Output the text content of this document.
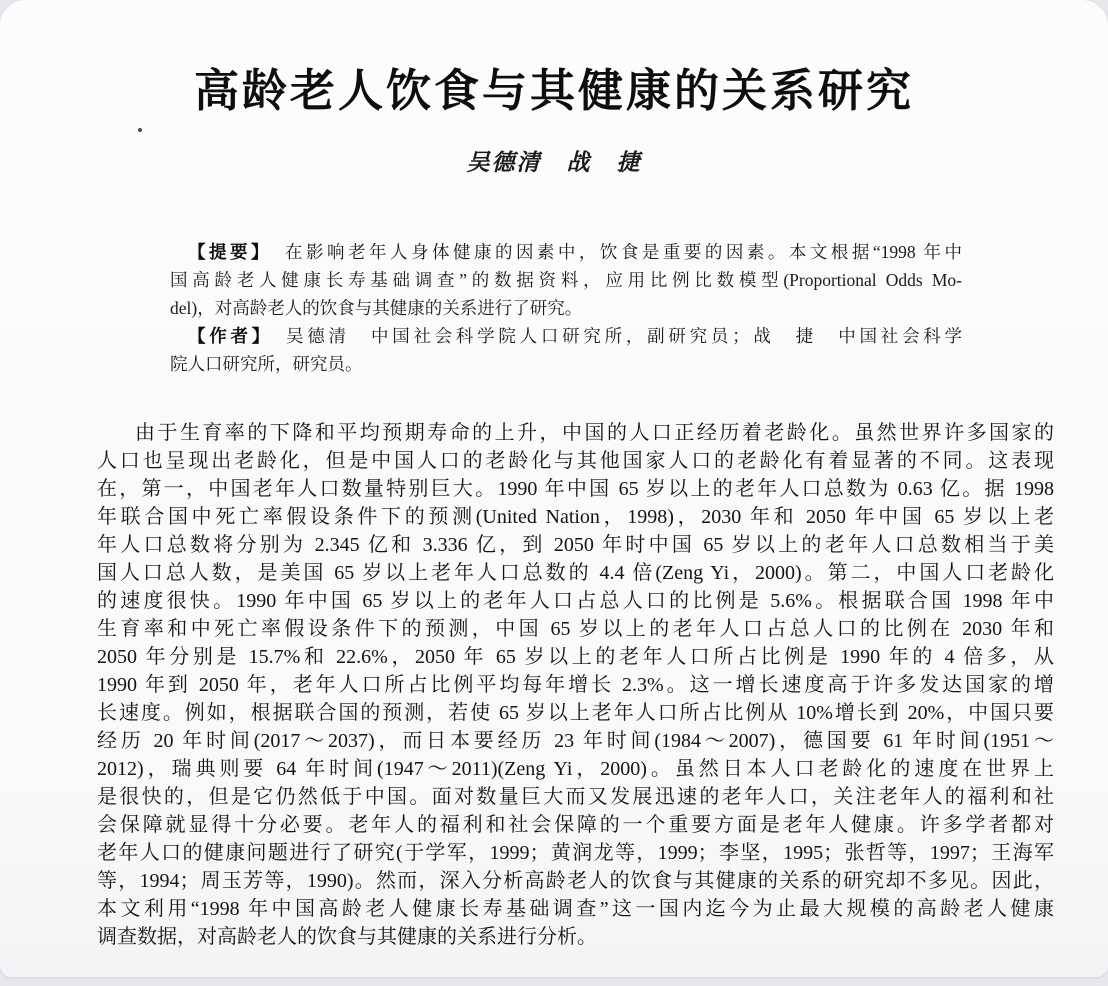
高龄老人饮食与其健康的关系研究
吴德清　战　捷
【提要】 在影响老年人身体健康的因素中，饮食是重要的因素。本文根据“1998 年中
国高龄老人健康长寿基础调查”的数据资料，应用比例比数模型(Proportional Odds Mo-
del)，对高龄老人的饮食与其健康的关系进行了研究。
【作者】 吴德清　中国社会科学院人口研究所，副研究员；战　捷　中国社会科学
院人口研究所，研究员。
由于生育率的下降和平均预期寿命的上升，中国的人口正经历着老龄化。虽然世界许多国家的
人口也呈现出老龄化，但是中国人口的老龄化与其他国家人口的老龄化有着显著的不同。这表现
在，第一，中国老年人口数量特别巨大。1990 年中国 65 岁以上的老年人口总数为 0.63 亿。据 1998
年联合国中死亡率假设条件下的预测(United Nation，1998)，2030 年和 2050 年中国 65 岁以上老
年人口总数将分别为 2.345 亿和 3.336 亿，到 2050 年时中国 65 岁以上的老年人口总数相当于美
国人口总人数，是美国 65 岁以上老年人口总数的 4.4 倍(Zeng Yi，2000)。第二，中国人口老龄化
的速度很快。1990 年中国 65 岁以上的老年人口占总人口的比例是 5.6%。根据联合国 1998 年中
生育率和中死亡率假设条件下的预测，中国 65 岁以上的老年人口占总人口的比例在 2030 年和
2050 年分别是 15.7%和 22.6%，2050 年 65 岁以上的老年人口所占比例是 1990 年的 4 倍多，从
1990 年到 2050 年，老年人口所占比例平均每年增长 2.3%。这一增长速度高于许多发达国家的增
长速度。例如，根据联合国的预测，若使 65 岁以上老年人口所占比例从 10%增长到 20%，中国只要
经历 20 年时间(2017～2037)，而日本要经历 23 年时间(1984～2007)，德国要 61 年时间(1951～
2012)，瑞典则要 64 年时间(1947～2011)(Zeng Yi，2000)。虽然日本人口老龄化的速度在世界上
是很快的，但是它仍然低于中国。面对数量巨大而又发展迅速的老年人口，关注老年人的福利和社
会保障就显得十分必要。老年人的福利和社会保障的一个重要方面是老年人健康。许多学者都对
老年人口的健康问题进行了研究(于学军，1999；黄润龙等，1999；李坚，1995；张哲等，1997；王海军
等，1994；周玉芳等，1990)。然而，深入分析高龄老人的饮食与其健康的关系的研究却不多见。因此，
本文利用“1998 年中国高龄老人健康长寿基础调查”这一国内迄今为止最大规模的高龄老人健康
调查数据，对高龄老人的饮食与其健康的关系进行分析。
